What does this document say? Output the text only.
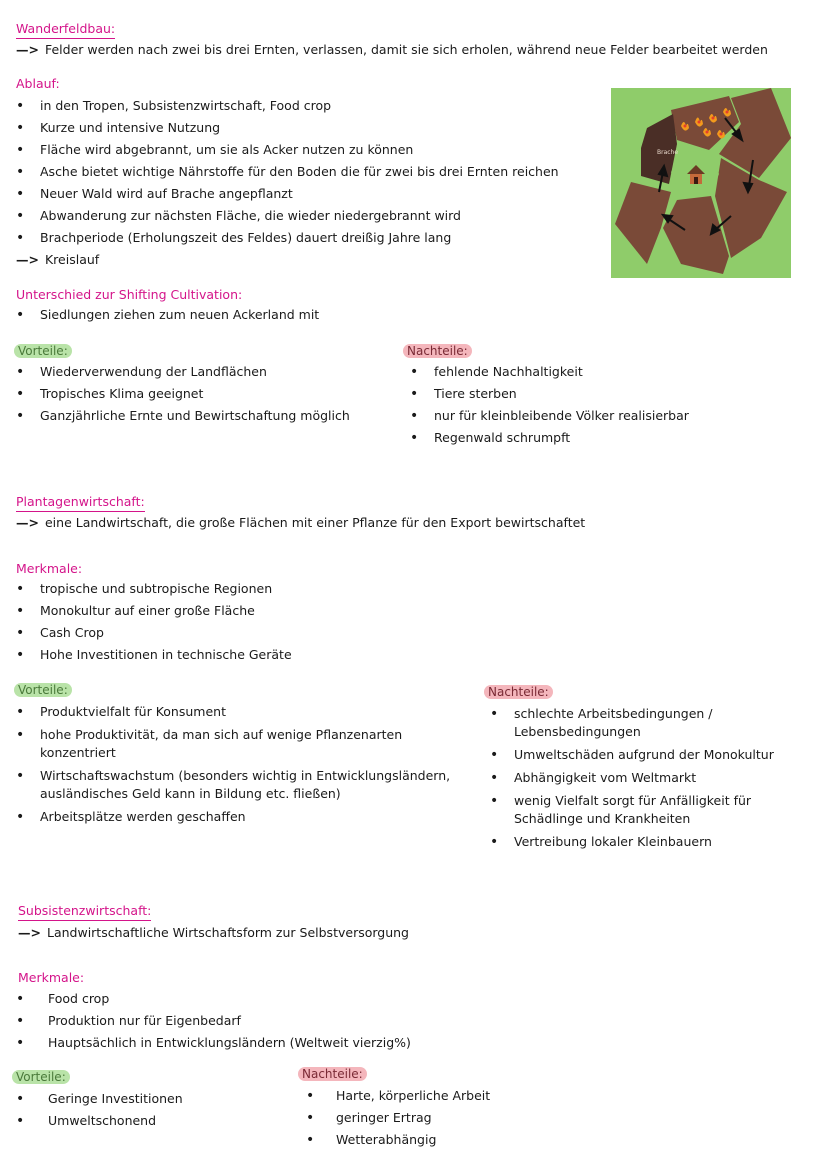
Wanderfeldbau:
—> Felder werden nach zwei bis drei Ernten, verlassen, damit sie sich erholen, während neue Felder bearbeitet werden
Ablauf:
• in den Tropen, Subsistenzwirtschaft, Food crop
• Kurze und intensive Nutzung
• Fläche wird abgebrannt, um sie als Acker nutzen zu können
• Asche bietet wichtige Nährstoffe für den Boden die für zwei bis drei Ernten reichen
• Neuer Wald wird auf Brache angepflanzt
• Abwanderung zur nächsten Fläche, die wieder niedergebrannt wird
• Brachperiode (Erholungszeit des Feldes) dauert dreißig Jahre lang
—> Kreislauf
Brache
Unterschied zur Shifting Cultivation:
• Siedlungen ziehen zum neuen Ackerland mit
Vorteile:
• Wiederverwendung der Landflächen
• Tropisches Klima geeignet
• Ganzjährliche Ernte und Bewirtschaftung möglich
Nachteile:
• fehlende Nachhaltigkeit
• Tiere sterben
• nur für kleinbleibende Völker realisierbar
• Regenwald schrumpft
Plantagenwirtschaft:
—> eine Landwirtschaft, die große Flächen mit einer Pflanze für den Export bewirtschaftet
Merkmale:
• tropische und subtropische Regionen
• Monokultur auf einer große Fläche
• Cash Crop
• Hohe Investitionen in technische Geräte
Vorteile:
• Produktvielfalt für Konsument
• hohe Produktivität, da man sich auf wenige Pflanzenarten konzentriert
• Wirtschaftswachstum (besonders wichtig in Entwicklungsländern, ausländisches Geld kann in Bildung etc. fließen)
• Arbeitsplätze werden geschaffen
Nachteile:
• schlechte Arbeitsbedingungen / Lebensbedingungen
• Umweltschäden aufgrund der Monokultur
• Abhängigkeit vom Weltmarkt
• wenig Vielfalt sorgt für Anfälligkeit für Schädlinge und Krankheiten
• Vertreibung lokaler Kleinbauern
Subsistenzwirtschaft:
—> Landwirtschaftliche Wirtschaftsform zur Selbstversorgung
Merkmale:
• Food crop
• Produktion nur für Eigenbedarf
• Hauptsächlich in Entwicklungsländern (Weltweit vierzig%)
Vorteile:
• Geringe Investitionen
• Umweltschonend
Nachteile:
• Harte, körperliche Arbeit
• geringer Ertrag
• Wetterabhängig
